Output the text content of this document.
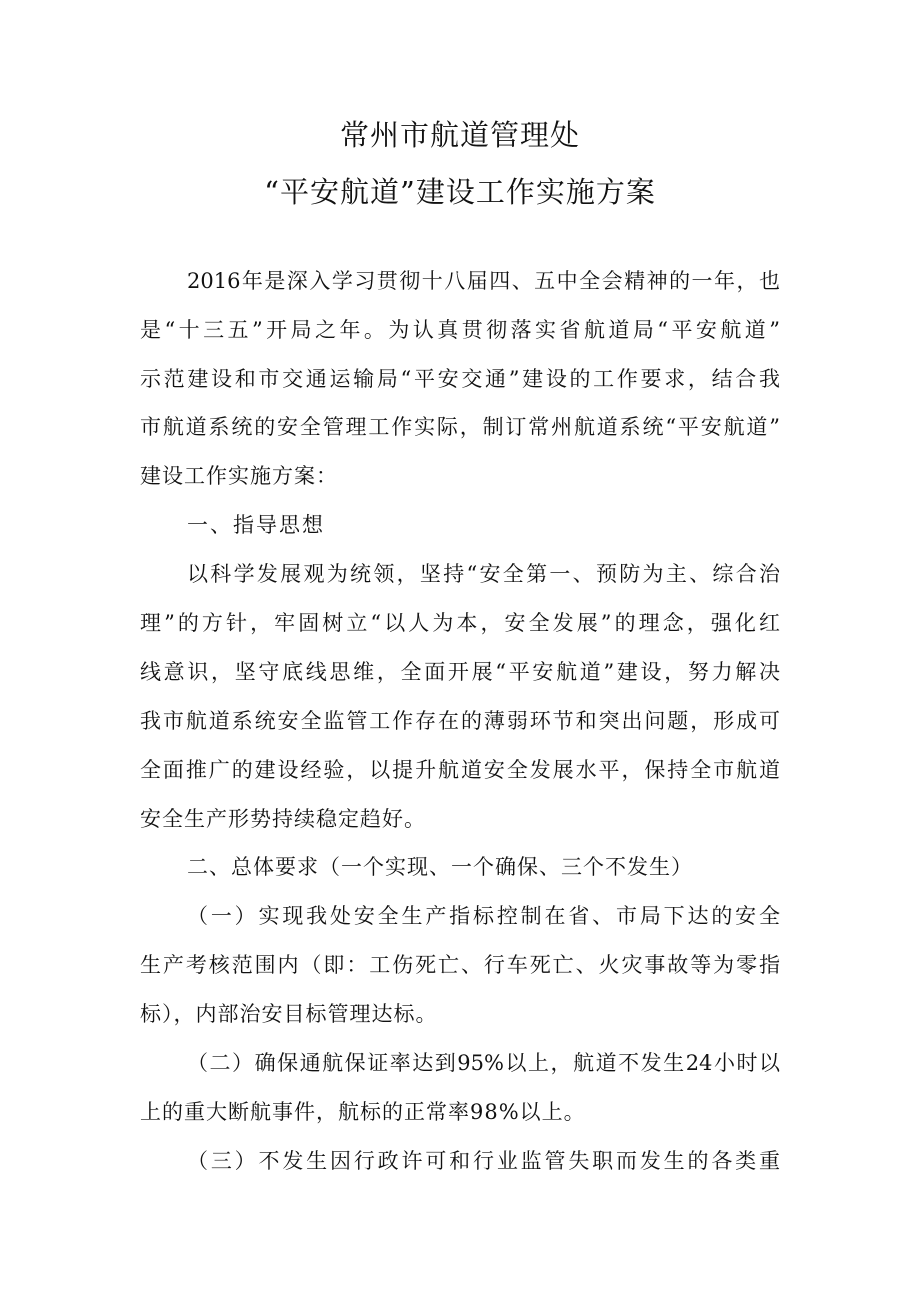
常州市航道管理处
“平安航道”建设工作实施方案
2016年是深入学习贯彻十八届四、五中全会精神的一年，也
是“十三五”开局之年。为认真贯彻落实省航道局“平安航道”
示范建设和市交通运输局“平安交通”建设的工作要求，结合我
市航道系统的安全管理工作实际，制订常州航道系统“平安航道”
建设工作实施方案：
一、指导思想
以科学发展观为统领，坚持“安全第一、预防为主、综合治
理”的方针，牢固树立“以人为本，安全发展”的理念，强化红
线意识，坚守底线思维，全面开展“平安航道”建设，努力解决
我市航道系统安全监管工作存在的薄弱环节和突出问题，形成可
全面推广的建设经验，以提升航道安全发展水平，保持全市航道
安全生产形势持续稳定趋好。
二、总体要求（一个实现、一个确保、三个不发生）
（一）实现我处安全生产指标控制在省、市局下达的安全
生产考核范围内（即：工伤死亡、行车死亡、火灾事故等为零指
标），内部治安目标管理达标。
（二）确保通航保证率达到95%以上，航道不发生24小时以
上的重大断航事件，航标的正常率98%以上。
（三）不发生因行政许可和行业监管失职而发生的各类重
